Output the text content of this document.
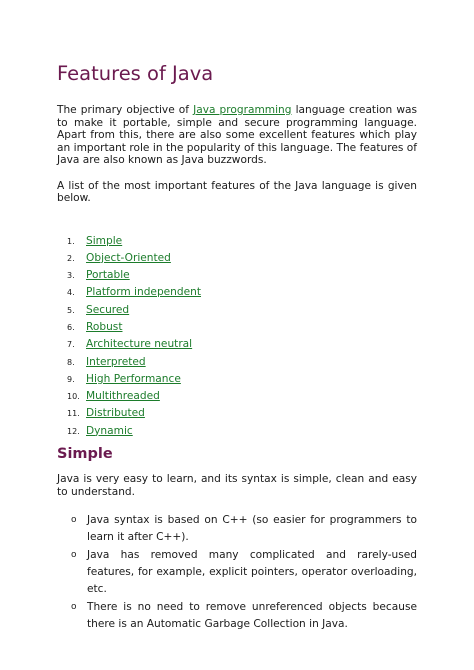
Features of Java

The primary objective of Java programming language creation was to make it portable, simple and secure programming language. Apart from this, there are also some excellent features which play an important role in the popularity of this language. The features of Java are also known as Java buzzwords.

A list of the most important features of the Java language is given below.

1.	Simple
2.	Object-Oriented
3.	Portable
4.	Platform independent
5.	Secured
6.	Robust
7.	Architecture neutral
8.	Interpreted
9.	High Performance
10. Multithreaded
11. Distributed
12. Dynamic
Simple

Java is very easy to learn, and its syntax is simple, clean and easy to understand.

o Java syntax is based on C++ (so easier for programmers to learn it after C++).
o Java has removed many complicated and rarely-used features, for example, explicit pointers, operator overloading, etc.
o There is no need to remove unreferenced objects because there is an Automatic Garbage Collection in Java.
